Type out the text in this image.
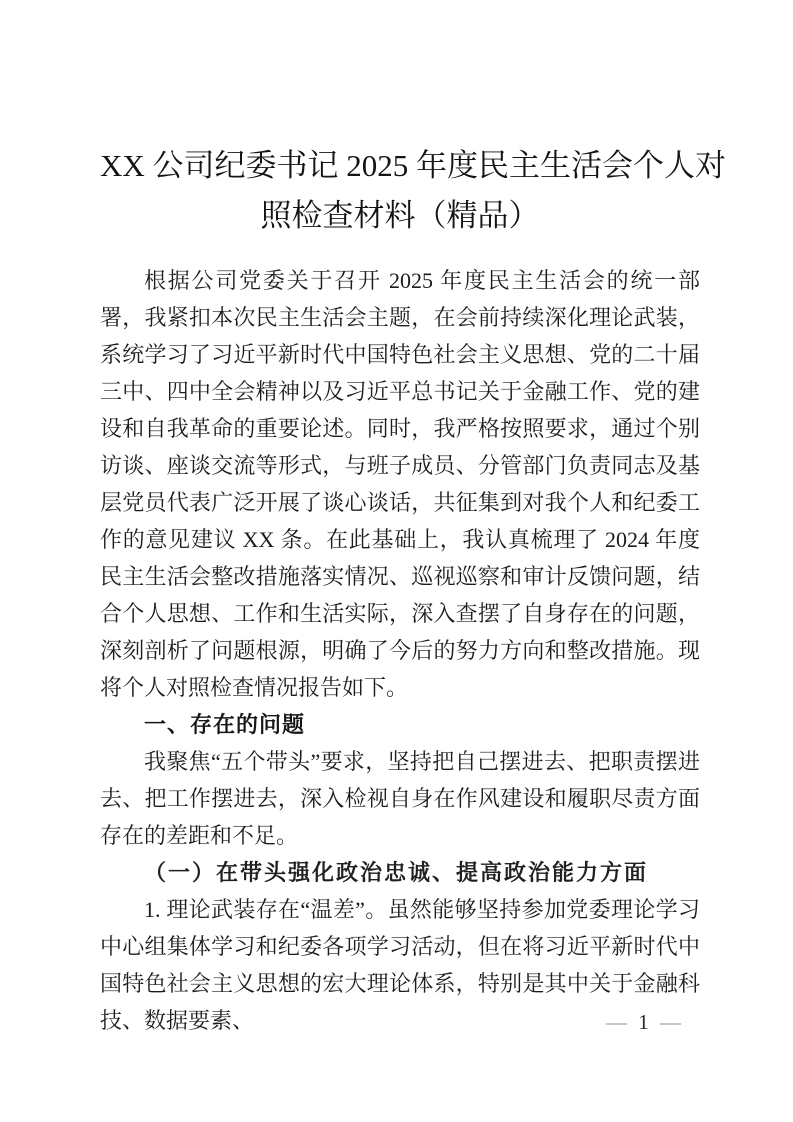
XX 公司纪委书记 2025 年度民主生活会个人对
照检查材料（精品）

根据公司党委关于召开 2025 年度民主生活会的统一部署，我紧扣本次民主生活会主题，在会前持续深化理论武装，系统学习了习近平新时代中国特色社会主义思想、党的二十届三中、四中全会精神以及习近平总书记关于金融工作、党的建设和自我革命的重要论述。同时，我严格按照要求，通过个别访谈、座谈交流等形式，与班子成员、分管部门负责同志及基层党员代表广泛开展了谈心谈话，共征集到对我个人和纪委工作的意见建议 XX 条。在此基础上，我认真梳理了 2024 年度民主生活会整改措施落实情况、巡视巡察和审计反馈问题，结合个人思想、工作和生活实际，深入查摆了自身存在的问题，深刻剖析了问题根源，明确了今后的努力方向和整改措施。现将个人对照检查情况报告如下。

一、存在的问题

我聚焦“五个带头”要求，坚持把自己摆进去、把职责摆进去、把工作摆进去，深入检视自身在作风建设和履职尽责方面存在的差距和不足。

（一）在带头强化政治忠诚、提高政治能力方面

1. 理论武装存在“温差”。虽然能够坚持参加党委理论学习中心组集体学习和纪委各项学习活动，但在将习近平新时代中国特色社会主义思想的宏大理论体系，特别是其中关于金融科技、数据要素、	— 1 —
